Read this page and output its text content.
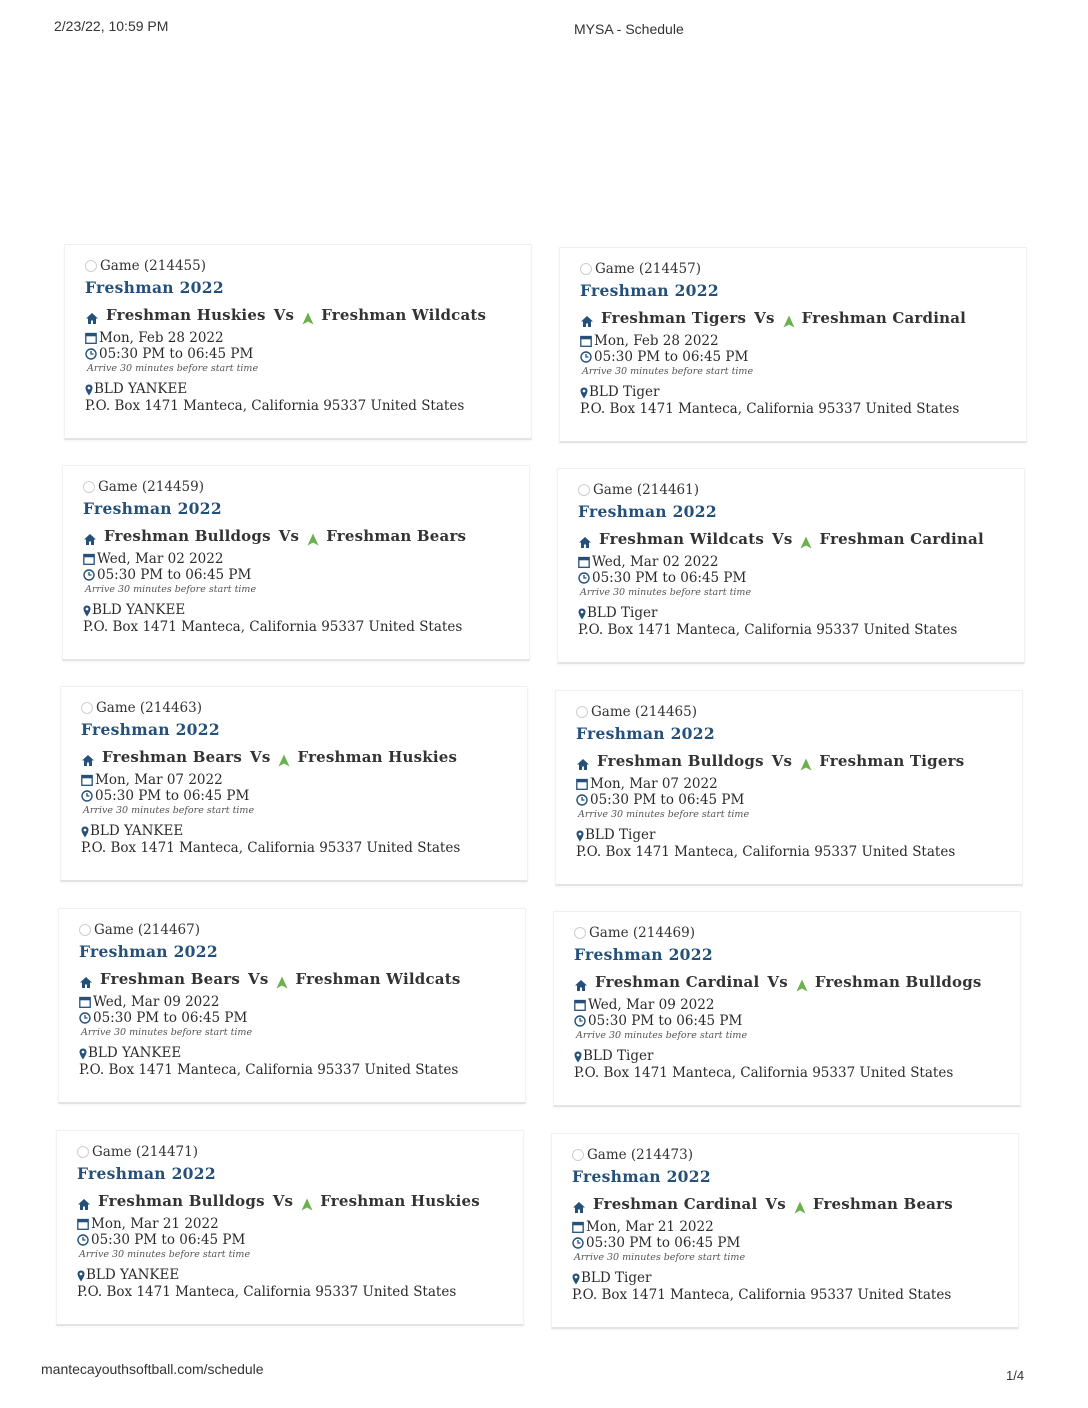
2/23/22, 10:59 PM	MYSA - Schedule
Game (214455)
Freshman 2022
Freshman Huskies Vs Freshman Wildcats
Mon, Feb 28 2022
05:30 PM to 06:45 PM
Arrive 30 minutes before start time
BLD YANKEE
P.O. Box 1471 Manteca, California 95337 United States
Game (214457)
Freshman 2022
Freshman Tigers Vs Freshman Cardinal
Mon, Feb 28 2022
05:30 PM to 06:45 PM
Arrive 30 minutes before start time
BLD Tiger
P.O. Box 1471 Manteca, California 95337 United States
Game (214459)
Freshman 2022
Freshman Bulldogs Vs Freshman Bears
Wed, Mar 02 2022
05:30 PM to 06:45 PM
Arrive 30 minutes before start time
BLD YANKEE
P.O. Box 1471 Manteca, California 95337 United States
Game (214461)
Freshman 2022
Freshman Wildcats Vs Freshman Cardinal
Wed, Mar 02 2022
05:30 PM to 06:45 PM
Arrive 30 minutes before start time
BLD Tiger
P.O. Box 1471 Manteca, California 95337 United States
Game (214463)
Freshman 2022
Freshman Bears Vs Freshman Huskies
Mon, Mar 07 2022
05:30 PM to 06:45 PM
Arrive 30 minutes before start time
BLD YANKEE
P.O. Box 1471 Manteca, California 95337 United States
Game (214465)
Freshman 2022
Freshman Bulldogs Vs Freshman Tigers
Mon, Mar 07 2022
05:30 PM to 06:45 PM
Arrive 30 minutes before start time
BLD Tiger
P.O. Box 1471 Manteca, California 95337 United States
Game (214467)
Freshman 2022
Freshman Bears Vs Freshman Wildcats
Wed, Mar 09 2022
05:30 PM to 06:45 PM
Arrive 30 minutes before start time
BLD YANKEE
P.O. Box 1471 Manteca, California 95337 United States
Game (214469)
Freshman 2022
Freshman Cardinal Vs Freshman Bulldogs
Wed, Mar 09 2022
05:30 PM to 06:45 PM
Arrive 30 minutes before start time
BLD Tiger
P.O. Box 1471 Manteca, California 95337 United States
Game (214471)
Freshman 2022
Freshman Bulldogs Vs Freshman Huskies
Mon, Mar 21 2022
05:30 PM to 06:45 PM
Arrive 30 minutes before start time
BLD YANKEE
P.O. Box 1471 Manteca, California 95337 United States
Game (214473)
Freshman 2022
Freshman Cardinal Vs Freshman Bears
Mon, Mar 21 2022
05:30 PM to 06:45 PM
Arrive 30 minutes before start time
BLD Tiger
P.O. Box 1471 Manteca, California 95337 United States
mantecayouthsoftball.com/schedule	1/4
